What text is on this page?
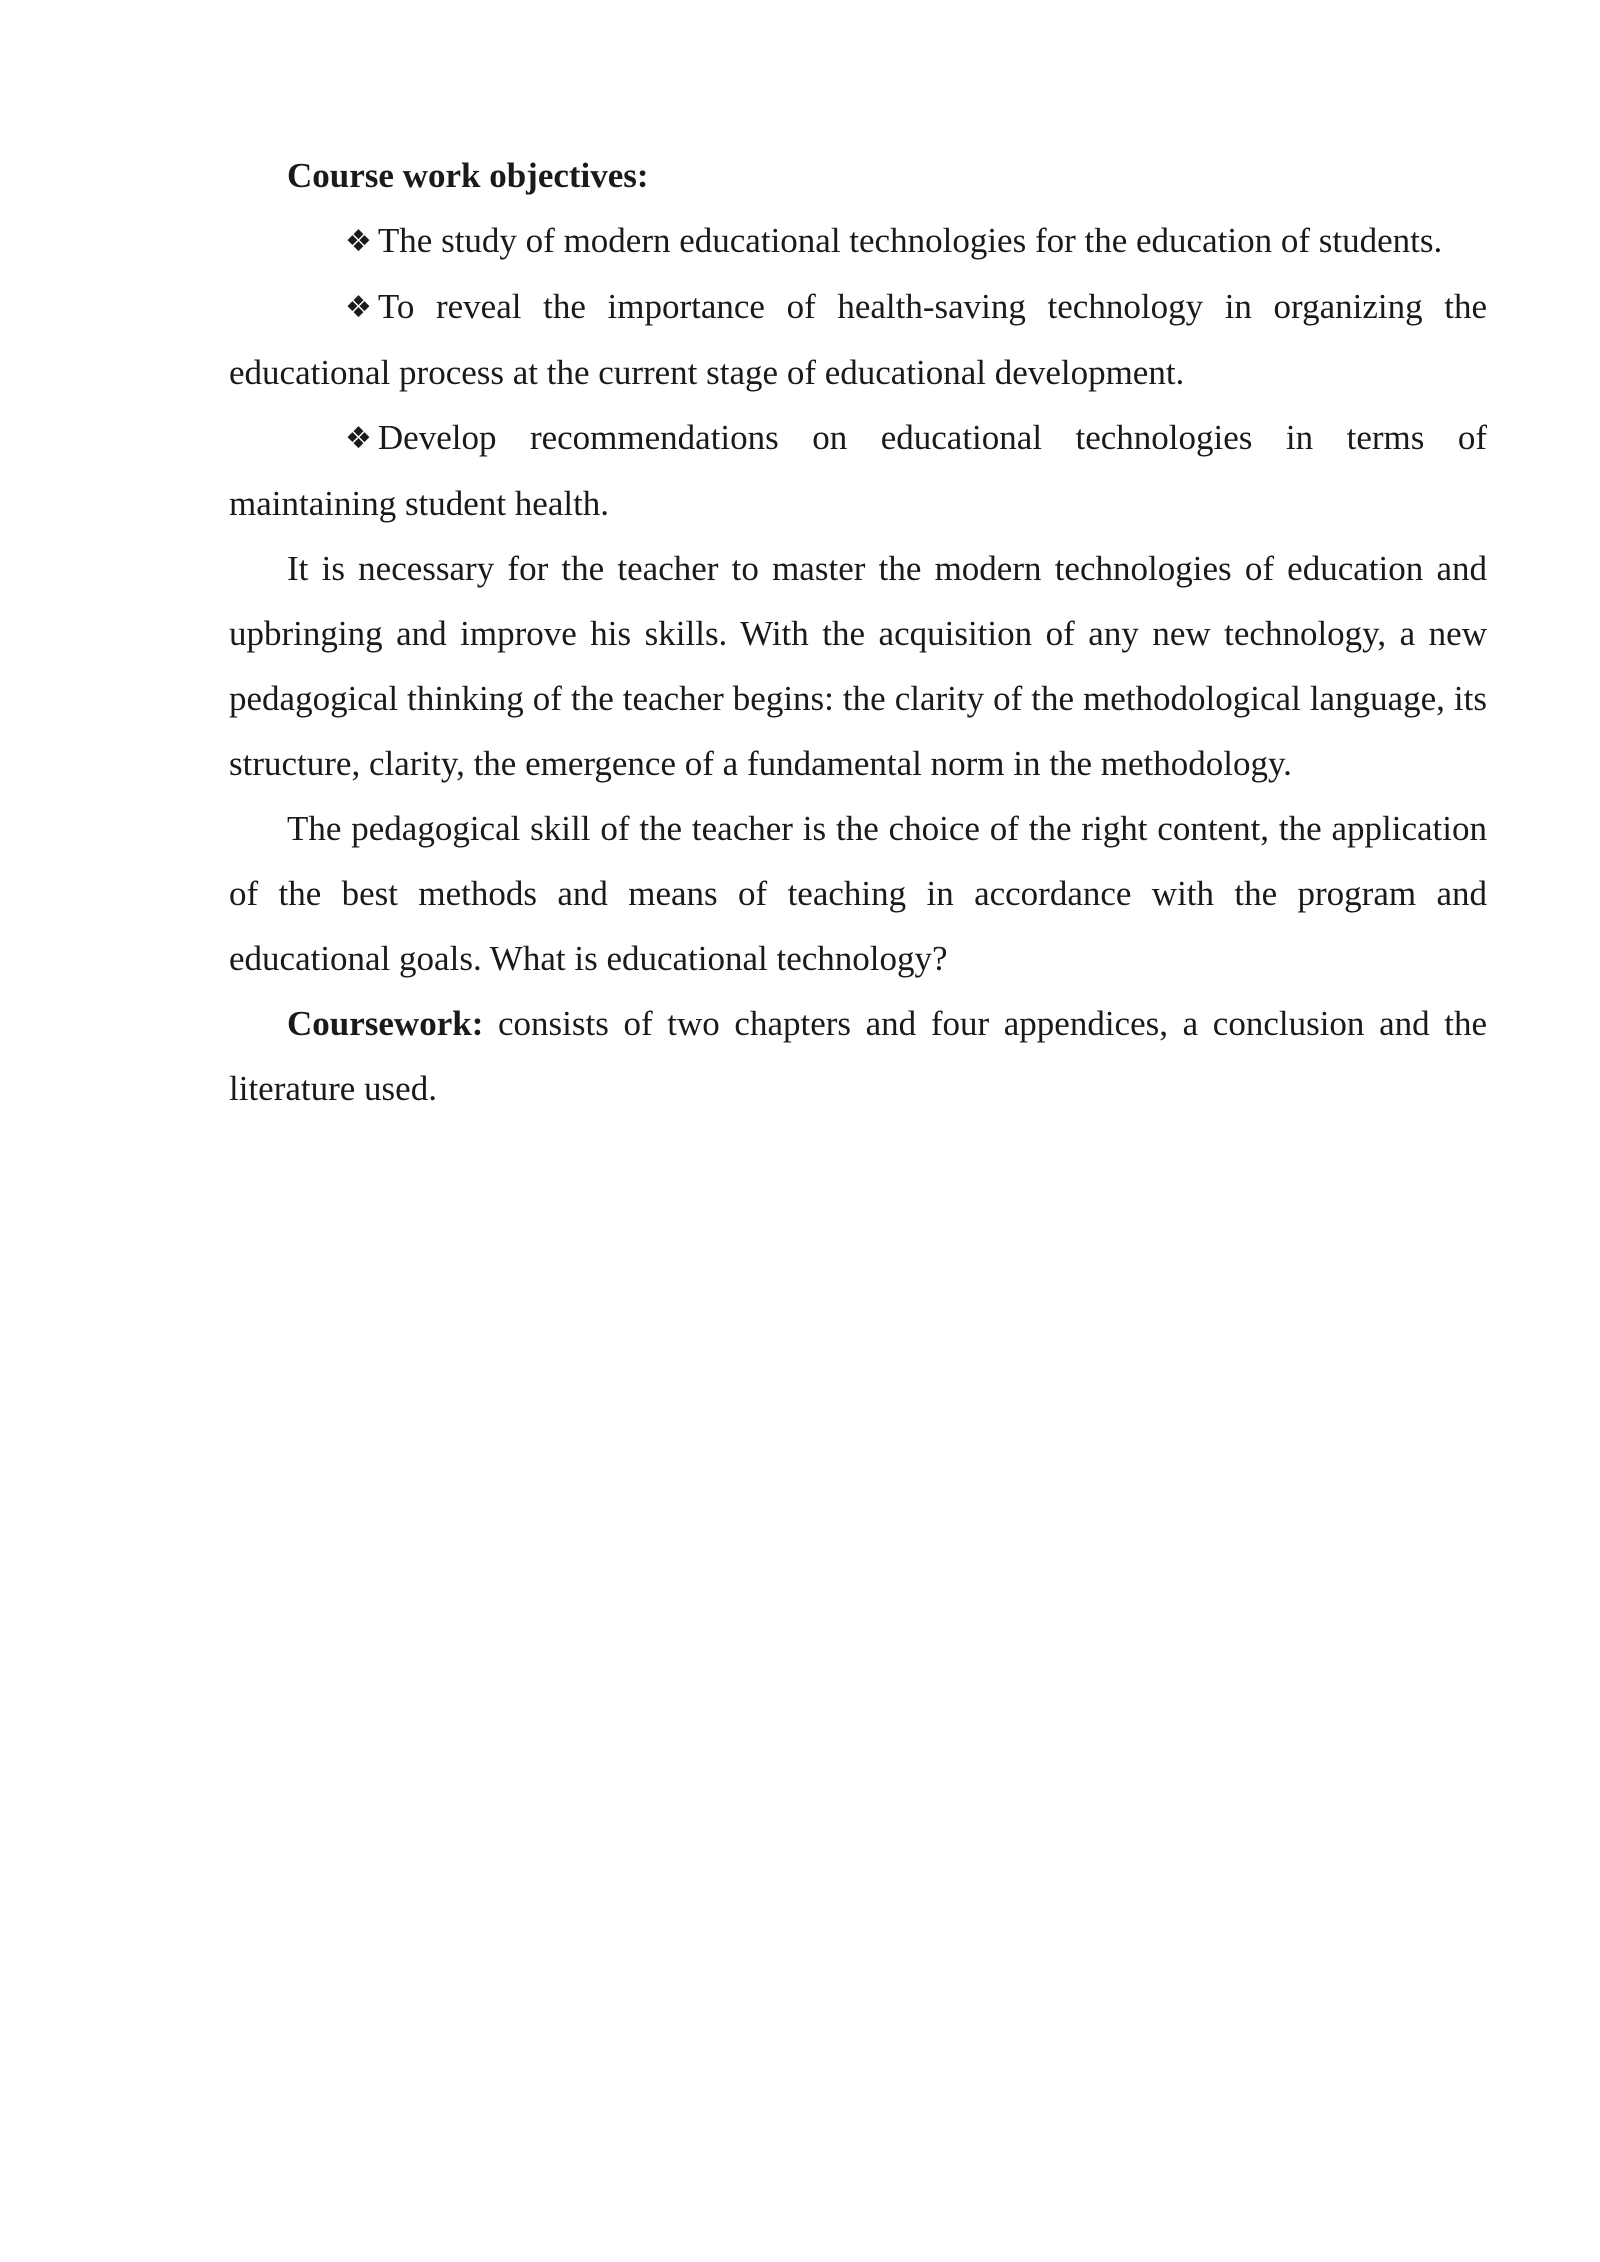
Course work objectives:

❖ The study of modern educational technologies for the education of students.

❖ To reveal the importance of health-saving technology in organizing the educational process at the current stage of educational development.

❖ Develop recommendations on educational technologies in terms of maintaining student health.

It is necessary for the teacher to master the modern technologies of education and upbringing and improve his skills. With the acquisition of any new technology, a new pedagogical thinking of the teacher begins: the clarity of the methodological language, its structure, clarity, the emergence of a fundamental norm in the methodology.

The pedagogical skill of the teacher is the choice of the right content, the application of the best methods and means of teaching in accordance with the program and educational goals. What is educational technology?

Coursework: consists of two chapters and four appendices, a conclusion and the literature used.
